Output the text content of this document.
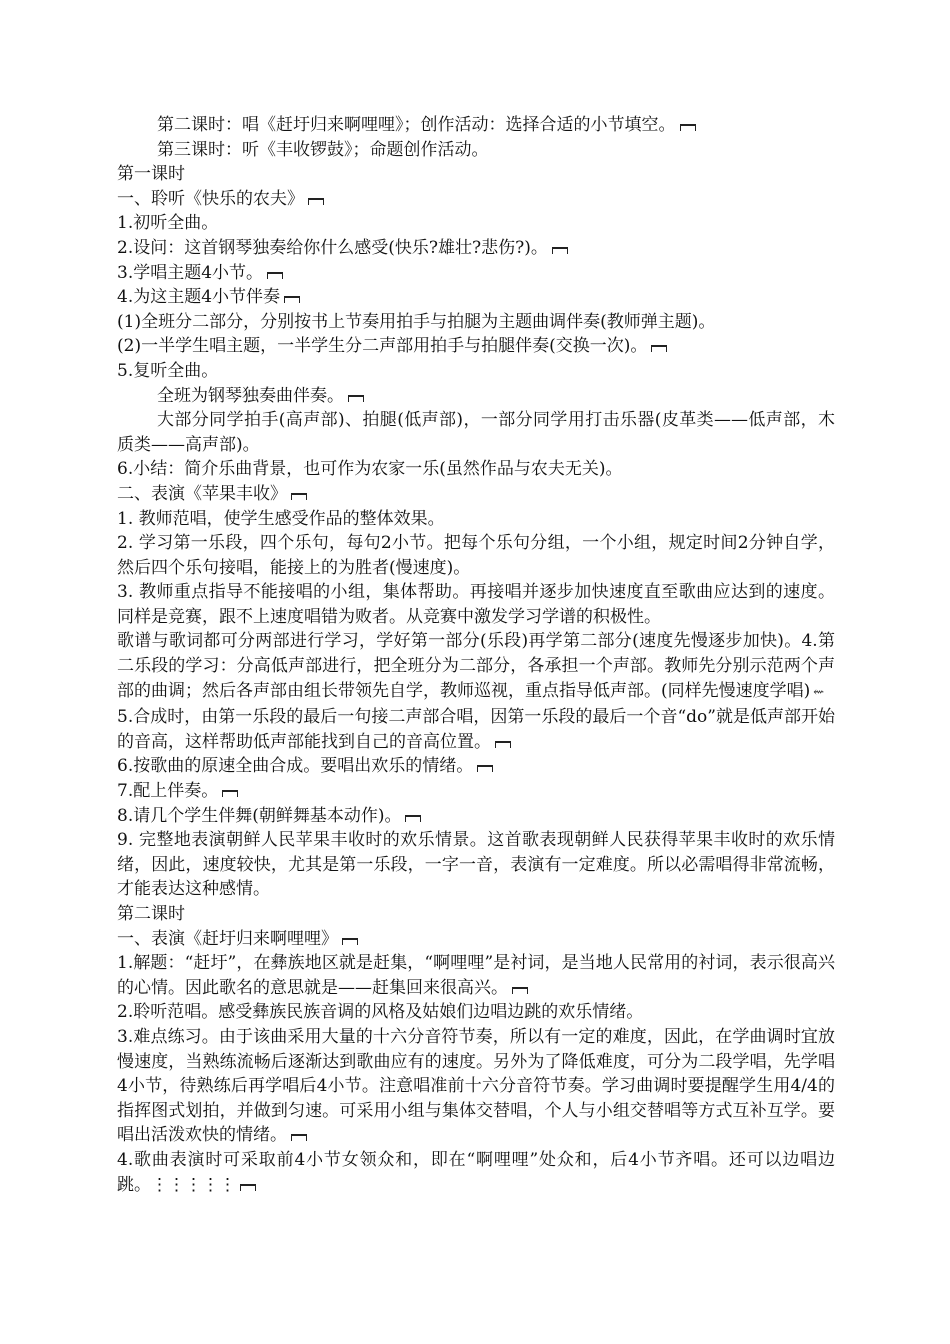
第二课时：唱《赶圩归来啊哩哩》；创作活动：选择合适的小节填空。

第三课时：听《丰收锣鼓》；命题创作活动。

第一课时

一、聆听《快乐的农夫》

1.初听全曲。

2.设问：这首钢琴独奏给你什么感受(快乐?雄壮?悲伤?)。

3.学唱主题4小节。

4.为这主题4小节伴奏

(1)全班分二部分，分别按书上节奏用拍手与拍腿为主题曲调伴奏(教师弹主题)。

(2)一半学生唱主题，一半学生分二声部用拍手与拍腿伴奏(交换一次)。

5.复听全曲。

全班为钢琴独奏曲伴奏。

大部分同学拍手(高声部)、拍腿(低声部)，一部分同学用打击乐器(皮革类——低声部，木质类——高声部)。

6.小结：简介乐曲背景，也可作为农家一乐(虽然作品与农夫无关)。

二、表演《苹果丰收》

1. 教师范唱，使学生感受作品的整体效果。

2. 学习第一乐段，四个乐句，每句2小节。把每个乐句分组，一个小组，规定时间2分钟自学，然后四个乐句接唱，能接上的为胜者(慢速度)。

3. 教师重点指导不能接唱的小组，集体帮助。再接唱并逐步加快速度直至歌曲应达到的速度。同样是竞赛，跟不上速度唱错为败者。从竞赛中激发学习学谱的积极性。

歌谱与歌词都可分两部进行学习，学好第一部分(乐段)再学第二部分(速度先慢逐步加快)。4.第二乐段的学习：分高低声部进行，把全班分为二部分，各承担一个声部。教师先分别示范两个声部的曲调；然后各声部由组长带领先自学，教师巡视，重点指导低声部。(同样先慢速度学唱) ⇜

5.合成时，由第一乐段的最后一句接二声部合唱，因第一乐段的最后一个音“do”就是低声部开始的音高，这样帮助低声部能找到自己的音高位置。

6.按歌曲的原速全曲合成。要唱出欢乐的情绪。

7.配上伴奏。

8.请几个学生伴舞(朝鲜舞基本动作)。

9. 完整地表演朝鲜人民苹果丰收时的欢乐情景。这首歌表现朝鲜人民获得苹果丰收时的欢乐情绪，因此，速度较快，尤其是第一乐段，一字一音，表演有一定难度。所以必需唱得非常流畅，才能表达这种感情。

第二课时

一、表演《赶圩归来啊哩哩》

1.解题：“赶圩”，在彝族地区就是赶集，“啊哩哩”是衬词，是当地人民常用的衬词，表示很高兴的心情。因此歌名的意思就是——赶集回来很高兴。

2.聆听范唱。感受彝族民族音调的风格及姑娘们边唱边跳的欢乐情绪。

3.难点练习。由于该曲采用大量的十六分音符节奏，所以有一定的难度，因此，在学曲调时宜放慢速度，当熟练流畅后逐渐达到歌曲应有的速度。另外为了降低难度，可分为二段学唱，先学唱4小节，待熟练后再学唱后4小节。注意唱准前十六分音符节奏。学习曲调时要提醒学生用4/4的指挥图式划拍，并做到匀速。可采用小组与集体交替唱，个人与小组交替唱等方式互补互学。要唱出活泼欢快的情绪。

4.歌曲表演时可采取前4小节女领众和，即在“啊哩哩”处众和，后4小节齐唱。还可以边唱边跳。⋮⋮⋮⋮⋮
